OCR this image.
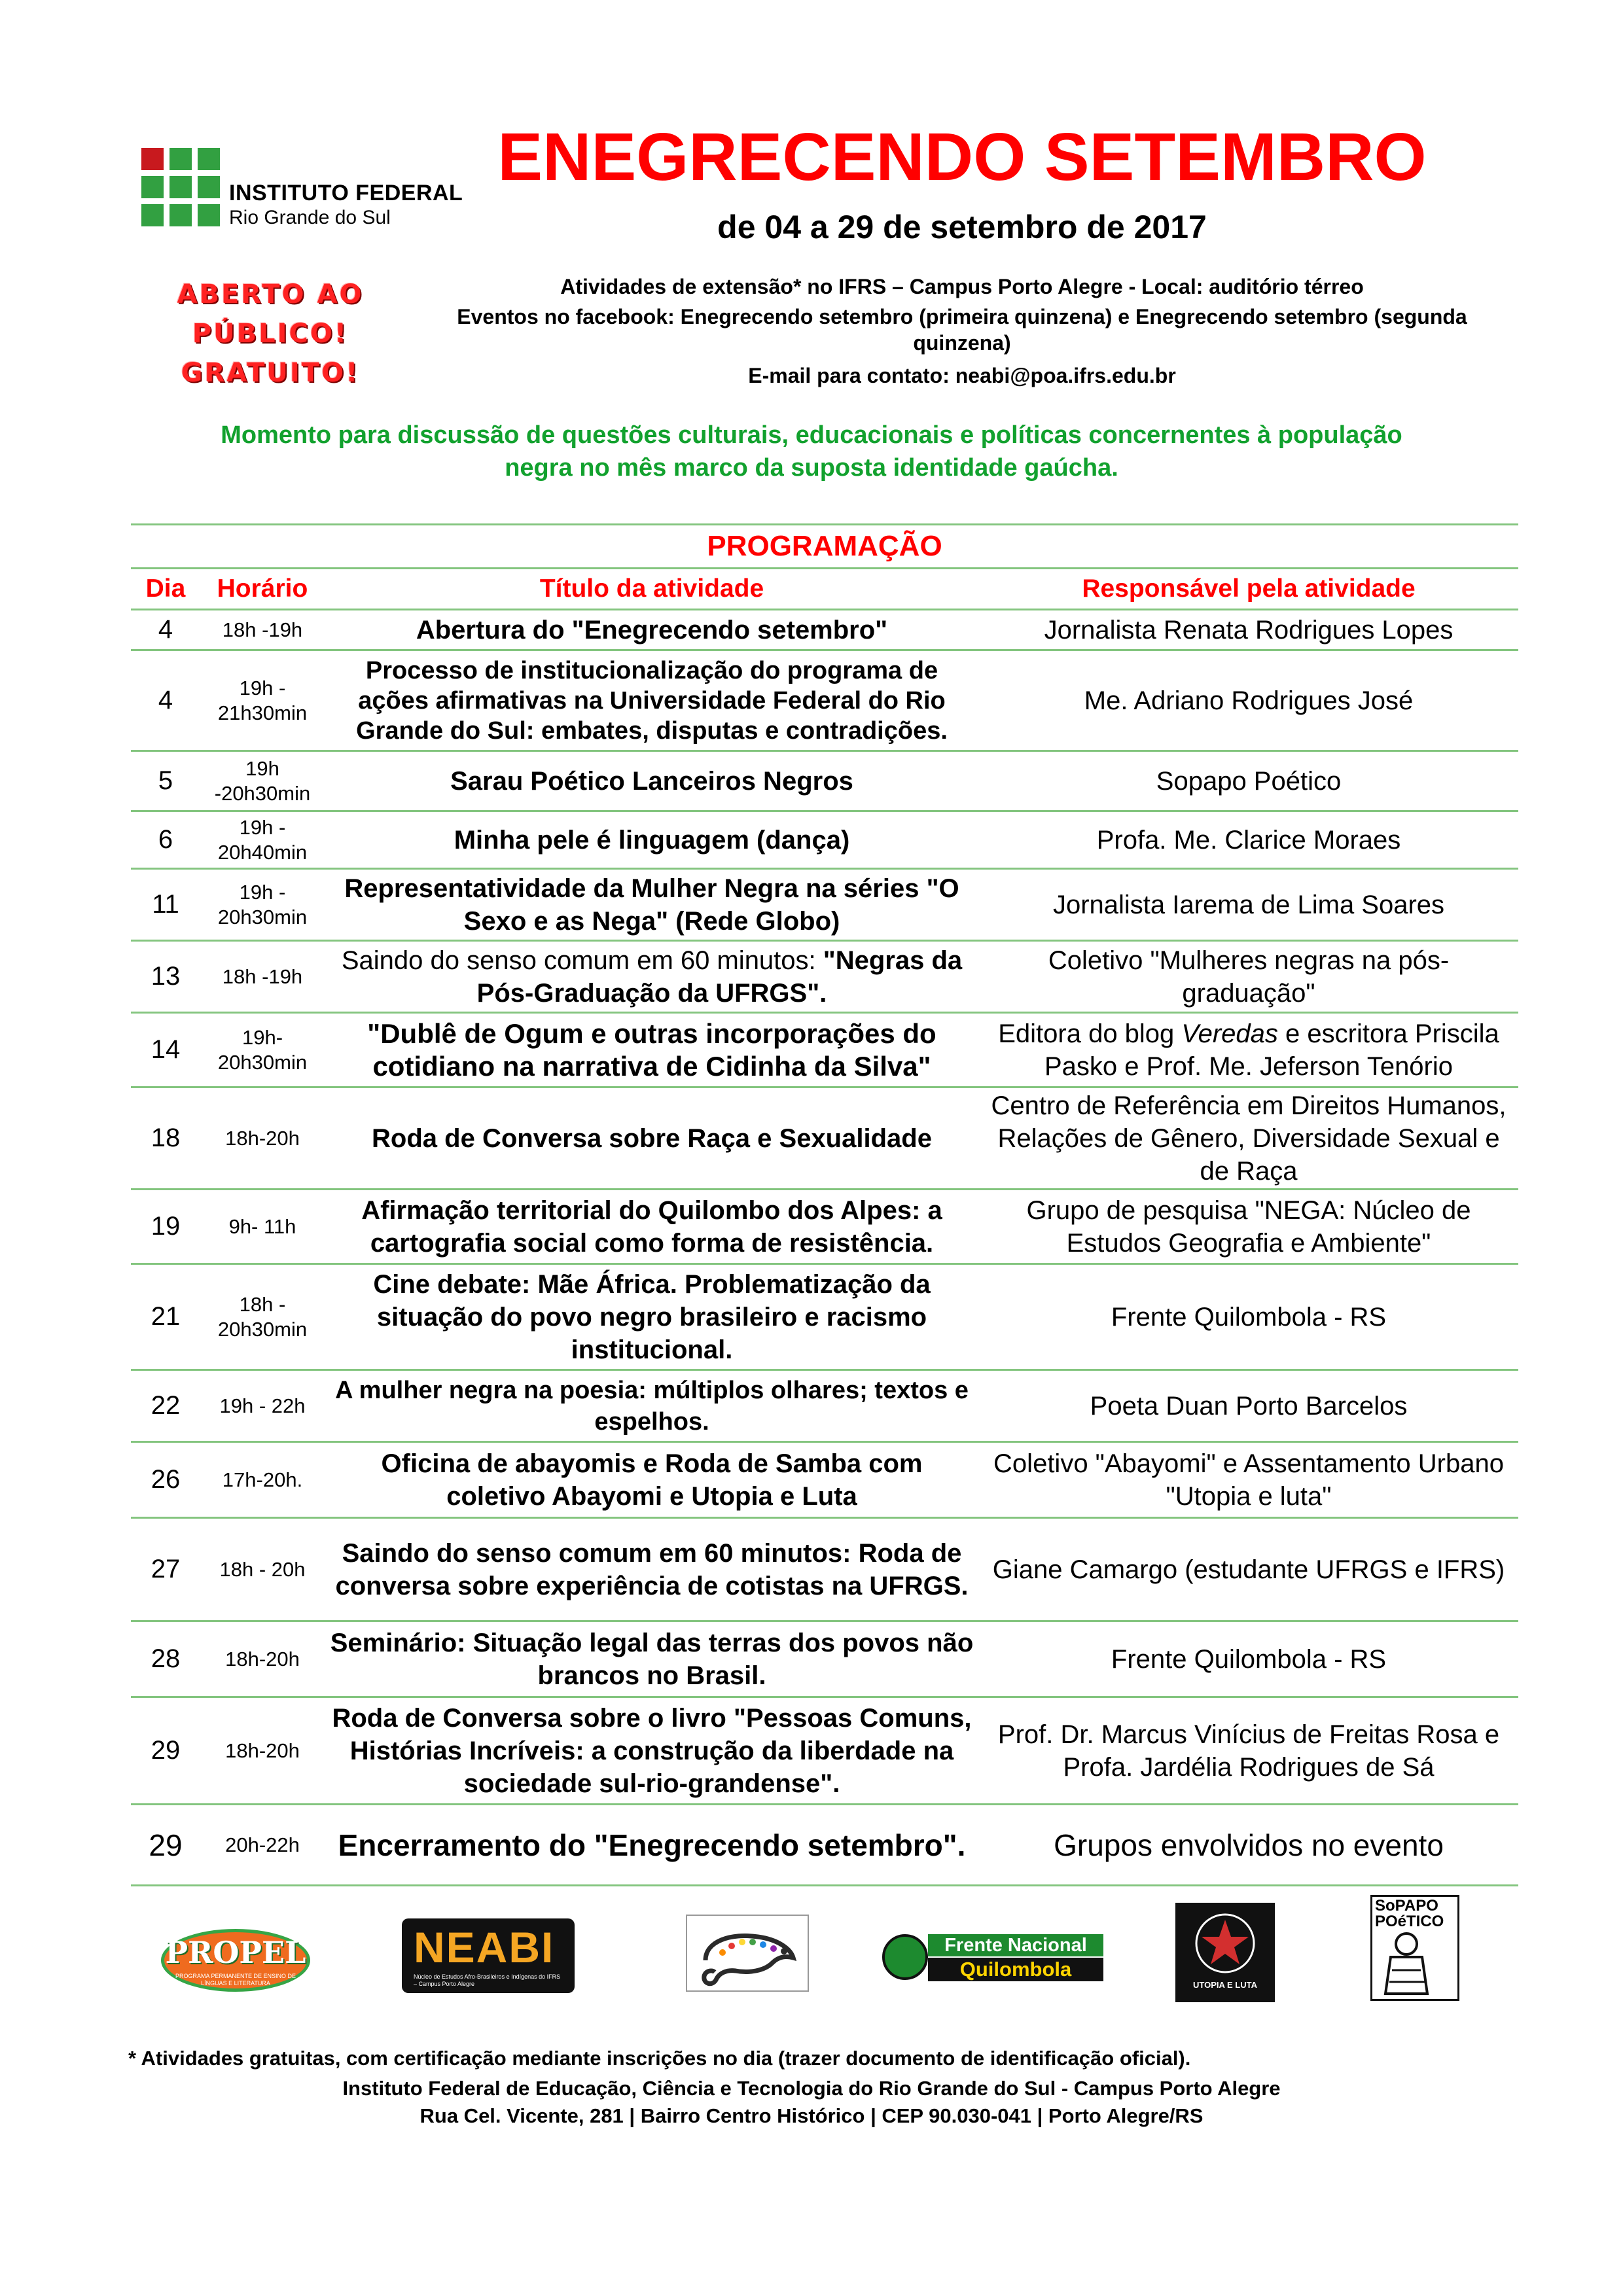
INSTITUTO FEDERAL
Rio Grande do Sul
ENEGRECENDO SETEMBRO
de 04 a 29 de setembro de 2017
ABERTO AO
PÚBLICO!
GRATUITO!
Atividades de extensão* no IFRS – Campus Porto Alegre - Local: auditório térreo
Eventos no facebook: Enegrecendo setembro (primeira quinzena) e Enegrecendo setembro (segunda quinzena)
E-mail para contato: neabi@poa.ifrs.edu.br
Momento para discussão de questões culturais, educacionais e políticas concernentes à população negra no mês marco da suposta identidade gaúcha.
PROGRAMAÇÃO			
Dia	Horário	Título da atividade	Responsável pela atividade
4	18h -19h	Abertura do "Enegrecendo setembro"	Jornalista Renata Rodrigues Lopes
4	19h - 21h30min	Processo de institucionalização do programa de ações afirmativas na Universidade Federal do Rio Grande do Sul: embates, disputas e contradições.	Me. Adriano Rodrigues José
5	19h -20h30min	Sarau Poético Lanceiros Negros	Sopapo Poético
6	19h - 20h40min	Minha pele é linguagem (dança)	Profa. Me. Clarice Moraes
11	19h - 20h30min	Representatividade da Mulher Negra na séries "O Sexo e as Nega" (Rede Globo)	Jornalista Iarema de Lima Soares
13	18h -19h	Saindo do senso comum em 60 minutos: "Negras da Pós-Graduação da UFRGS".	Coletivo "Mulheres negras na pós-graduação"
14	19h- 20h30min	"Dublê de Ogum e outras incorporações do cotidiano na narrativa de Cidinha da Silva"	Editora do blog Veredas e escritora Priscila Pasko e Prof. Me. Jeferson Tenório
18	18h-20h	Roda de Conversa sobre Raça e Sexualidade	Centro de Referência em Direitos Humanos, Relações de Gênero, Diversidade Sexual e de Raça
19	9h- 11h	Afirmação territorial do Quilombo dos Alpes: a cartografia social como forma de resistência.	Grupo de pesquisa "NEGA: Núcleo de Estudos Geografia e Ambiente"
21	18h - 20h30min	Cine debate: Mãe África. Problematização da situação do povo negro brasileiro e racismo institucional.	Frente Quilombola - RS
22	19h - 22h	A mulher negra na poesia: múltiplos olhares; textos e espelhos.	Poeta Duan Porto Barcelos
26	17h-20h.	Oficina de abayomis e Roda de Samba com coletivo Abayomi e Utopia e Luta	Coletivo "Abayomi" e Assentamento Urbano "Utopia e luta"
27	18h - 20h	Saindo do senso comum em 60 minutos: Roda de conversa sobre experiência de cotistas na UFRGS.	Giane Camargo (estudante UFRGS e IFRS)
28	18h-20h	Seminário: Situação legal das terras dos povos não brancos no Brasil.	Frente Quilombola - RS
29	18h-20h	Roda de Conversa sobre o livro "Pessoas Comuns, Histórias Incríveis: a construção da liberdade na sociedade sul-rio-grandense".	Prof. Dr. Marcus Vinícius de Freitas Rosa e Profa. Jardélia Rodrigues de Sá
29	20h-22h	Encerramento do "Enegrecendo setembro".	Grupos envolvidos no evento
PROPEL
PROGRAMA PERMANENTE DE ENSINO DE LÍNGUAS E LITERATURA
NEABI
Núcleo de Estudos Afro-Brasileiros e Indígenas do IFRS – Campus Porto Alegre
Frente Nacional
Quilombola
UTOPIA E LUTA
SoPAPO POéTICO
* Atividades gratuitas, com certificação mediante inscrições no dia (trazer documento de identificação oficial).
Instituto Federal de Educação, Ciência e Tecnologia do Rio Grande do Sul - Campus Porto Alegre
Rua Cel. Vicente, 281 | Bairro Centro Histórico | CEP 90.030-041 | Porto Alegre/RS
